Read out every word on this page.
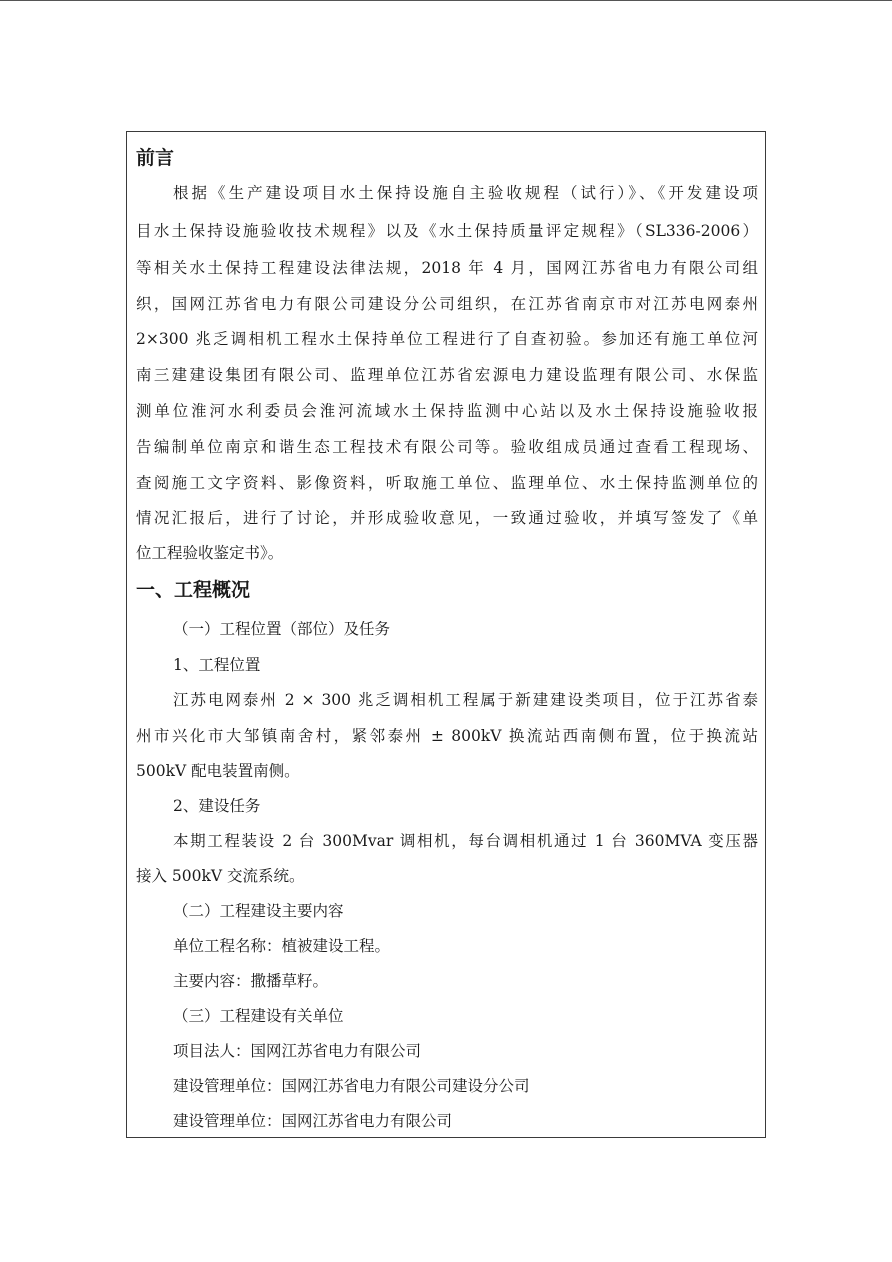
前言
根据《生产建设项目水土保持设施自主验收规程（试行）》、《开发建设项
目水土保持设施验收技术规程》以及《水土保持质量评定规程》（SL336-2006）
等相关水土保持工程建设法律法规，2018 年 4 月，国网江苏省电力有限公司组
织，国网江苏省电力有限公司建设分公司组织，在江苏省南京市对江苏电网泰州
2×300 兆乏调相机工程水土保持单位工程进行了自查初验。参加还有施工单位河
南三建建设集团有限公司、监理单位江苏省宏源电力建设监理有限公司、水保监
测单位淮河水利委员会淮河流域水土保持监测中心站以及水土保持设施验收报
告编制单位南京和谐生态工程技术有限公司等。验收组成员通过查看工程现场、
查阅施工文字资料、影像资料，听取施工单位、监理单位、水土保持监测单位的
情况汇报后，进行了讨论，并形成验收意见，一致通过验收，并填写签发了《单
位工程验收鉴定书》。
一、工程概况
（一）工程位置（部位）及任务
1、工程位置
江苏电网泰州 2 × 300 兆乏调相机工程属于新建建设类项目，位于江苏省泰
州市兴化市大邹镇南舍村，紧邻泰州 ± 800kV 换流站西南侧布置，位于换流站
500kV 配电装置南侧。
2、建设任务
本期工程装设 2 台 300Mvar 调相机，每台调相机通过 1 台 360MVA 变压器
接入 500kV 交流系统。
（二）工程建设主要内容
单位工程名称：植被建设工程。
主要内容：撒播草籽。
（三）工程建设有关单位
项目法人：国网江苏省电力有限公司
建设管理单位：国网江苏省电力有限公司建设分公司
建设管理单位：国网江苏省电力有限公司
